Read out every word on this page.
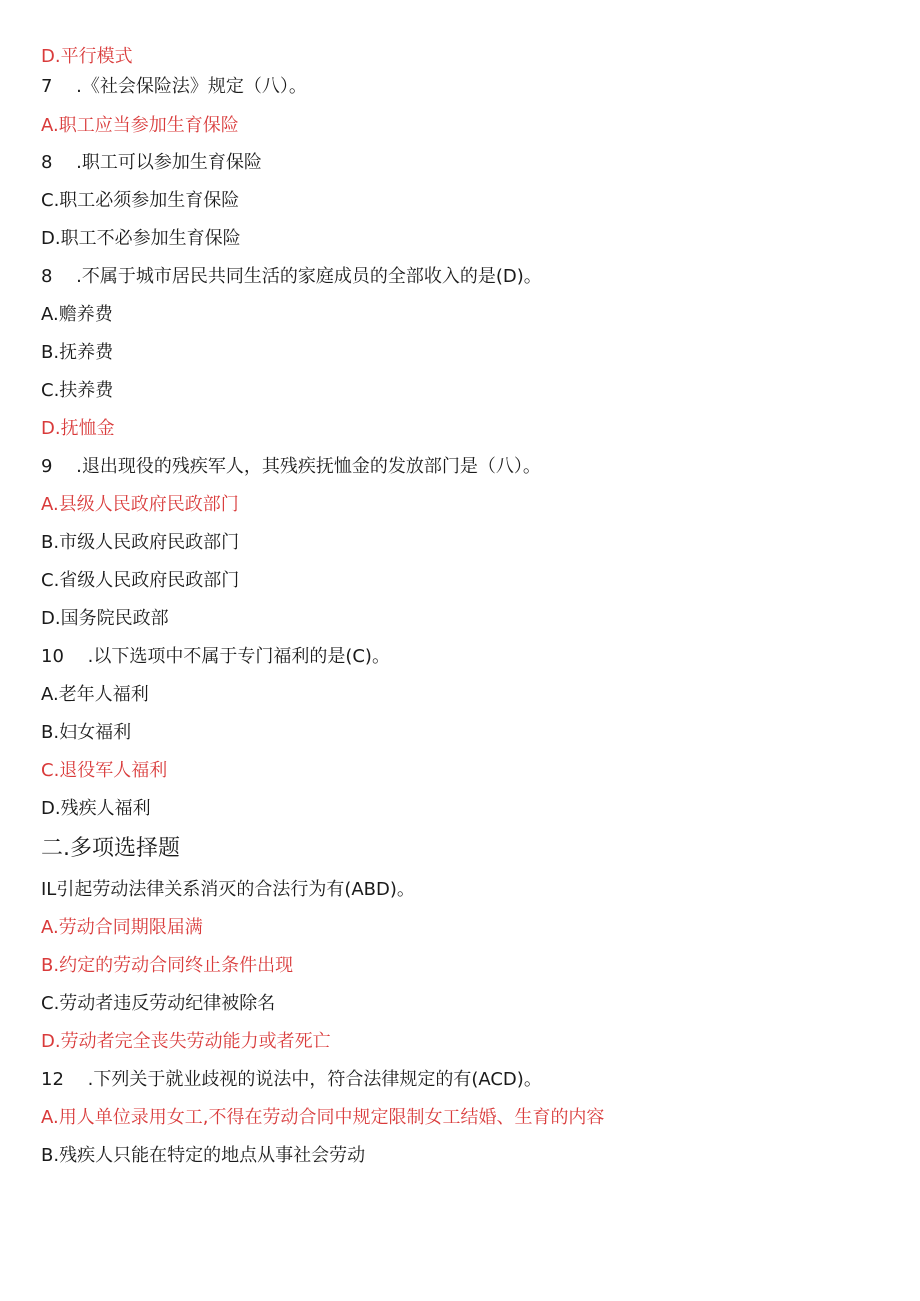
D.平行模式
7 　.《社会保险法》规定（八）。
A.职工应当参加生育保险
8 　.职工可以参加生育保险
C.职工必须参加生育保险
D.职工不必参加生育保险
8 　.不属于城市居民共同生活的家庭成员的全部收入的是(D)。
A.赡养费
B.抚养费
C.扶养费
D.抚恤金
9 　.退出现役的残疾军人，其残疾抚恤金的发放部门是（八）。
A.县级人民政府民政部门
B.市级人民政府民政部门
C.省级人民政府民政部门
D.国务院民政部
10 　.以下选项中不属于专门福利的是(C)。
A.老年人福利
B.妇女福利
C.退役军人福利
D.残疾人福利
二.多项选择题
IL引起劳动法律关系消灭的合法行为有(ABD)。
A.劳动合同期限届满
B.约定的劳动合同终止条件出现
C.劳动者违反劳动纪律被除名
D.劳动者完全丧失劳动能力或者死亡
12 　.下列关于就业歧视的说法中，符合法律规定的有(ACD)。
A.用人单位录用女工,不得在劳动合同中规定限制女工结婚、生育的内容
B.残疾人只能在特定的地点从事社会劳动
